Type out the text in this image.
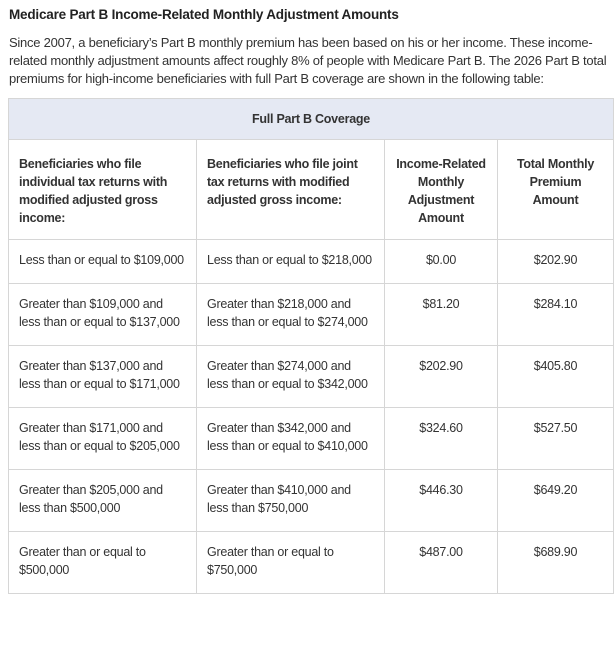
Medicare Part B Income-Related Monthly Adjustment Amounts

Since 2007, a beneficiary’s Part B monthly premium has been based on his or her income. These income-related monthly adjustment amounts affect roughly 8% of people with Medicare Part B. The 2026 Part B total premiums for high-income beneficiaries with full Part B coverage are shown in the following table:

Full Part B Coverage			
Beneficiaries who file individual tax returns with modified adjusted gross income:	Beneficiaries who file joint tax returns with modified adjusted gross income:	Income-Related Monthly Adjustment Amount	Total Monthly Premium Amount
Less than or equal to $109,000	Less than or equal to $218,000	$0.00	$202.90
Greater than $109,000 and less than or equal to $137,000	Greater than $218,000 and less than or equal to $274,000	$81.20	$284.10
Greater than $137,000 and less than or equal to $171,000	Greater than $274,000 and less than or equal to $342,000	$202.90	$405.80
Greater than $171,000 and less than or equal to $205,000	Greater than $342,000 and less than or equal to $410,000	$324.60	$527.50
Greater than $205,000 and less than $500,000	Greater than $410,000 and less than $750,000	$446.30	$649.20
Greater than or equal to $500,000	Greater than or equal to $750,000	$487.00	$689.90
